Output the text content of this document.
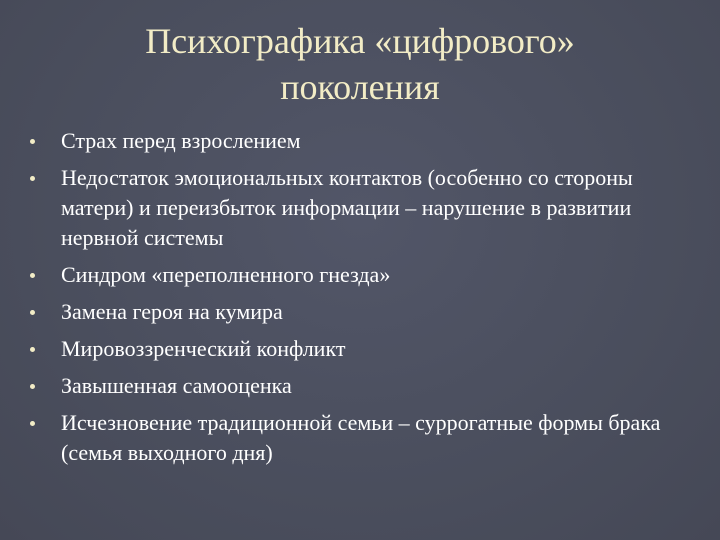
Психографика «цифрового»
поколения
Страх перед взрослением
Недостаток эмоциональных контактов (особенно со стороны матери) и переизбыток информации – нарушение в развитии нервной системы
Синдром «переполненного гнезда»
Замена героя на кумира
Мировоззренческий конфликт
Завышенная самооценка
Исчезновение традиционной семьи – суррогатные формы брака (семья выходного дня)
